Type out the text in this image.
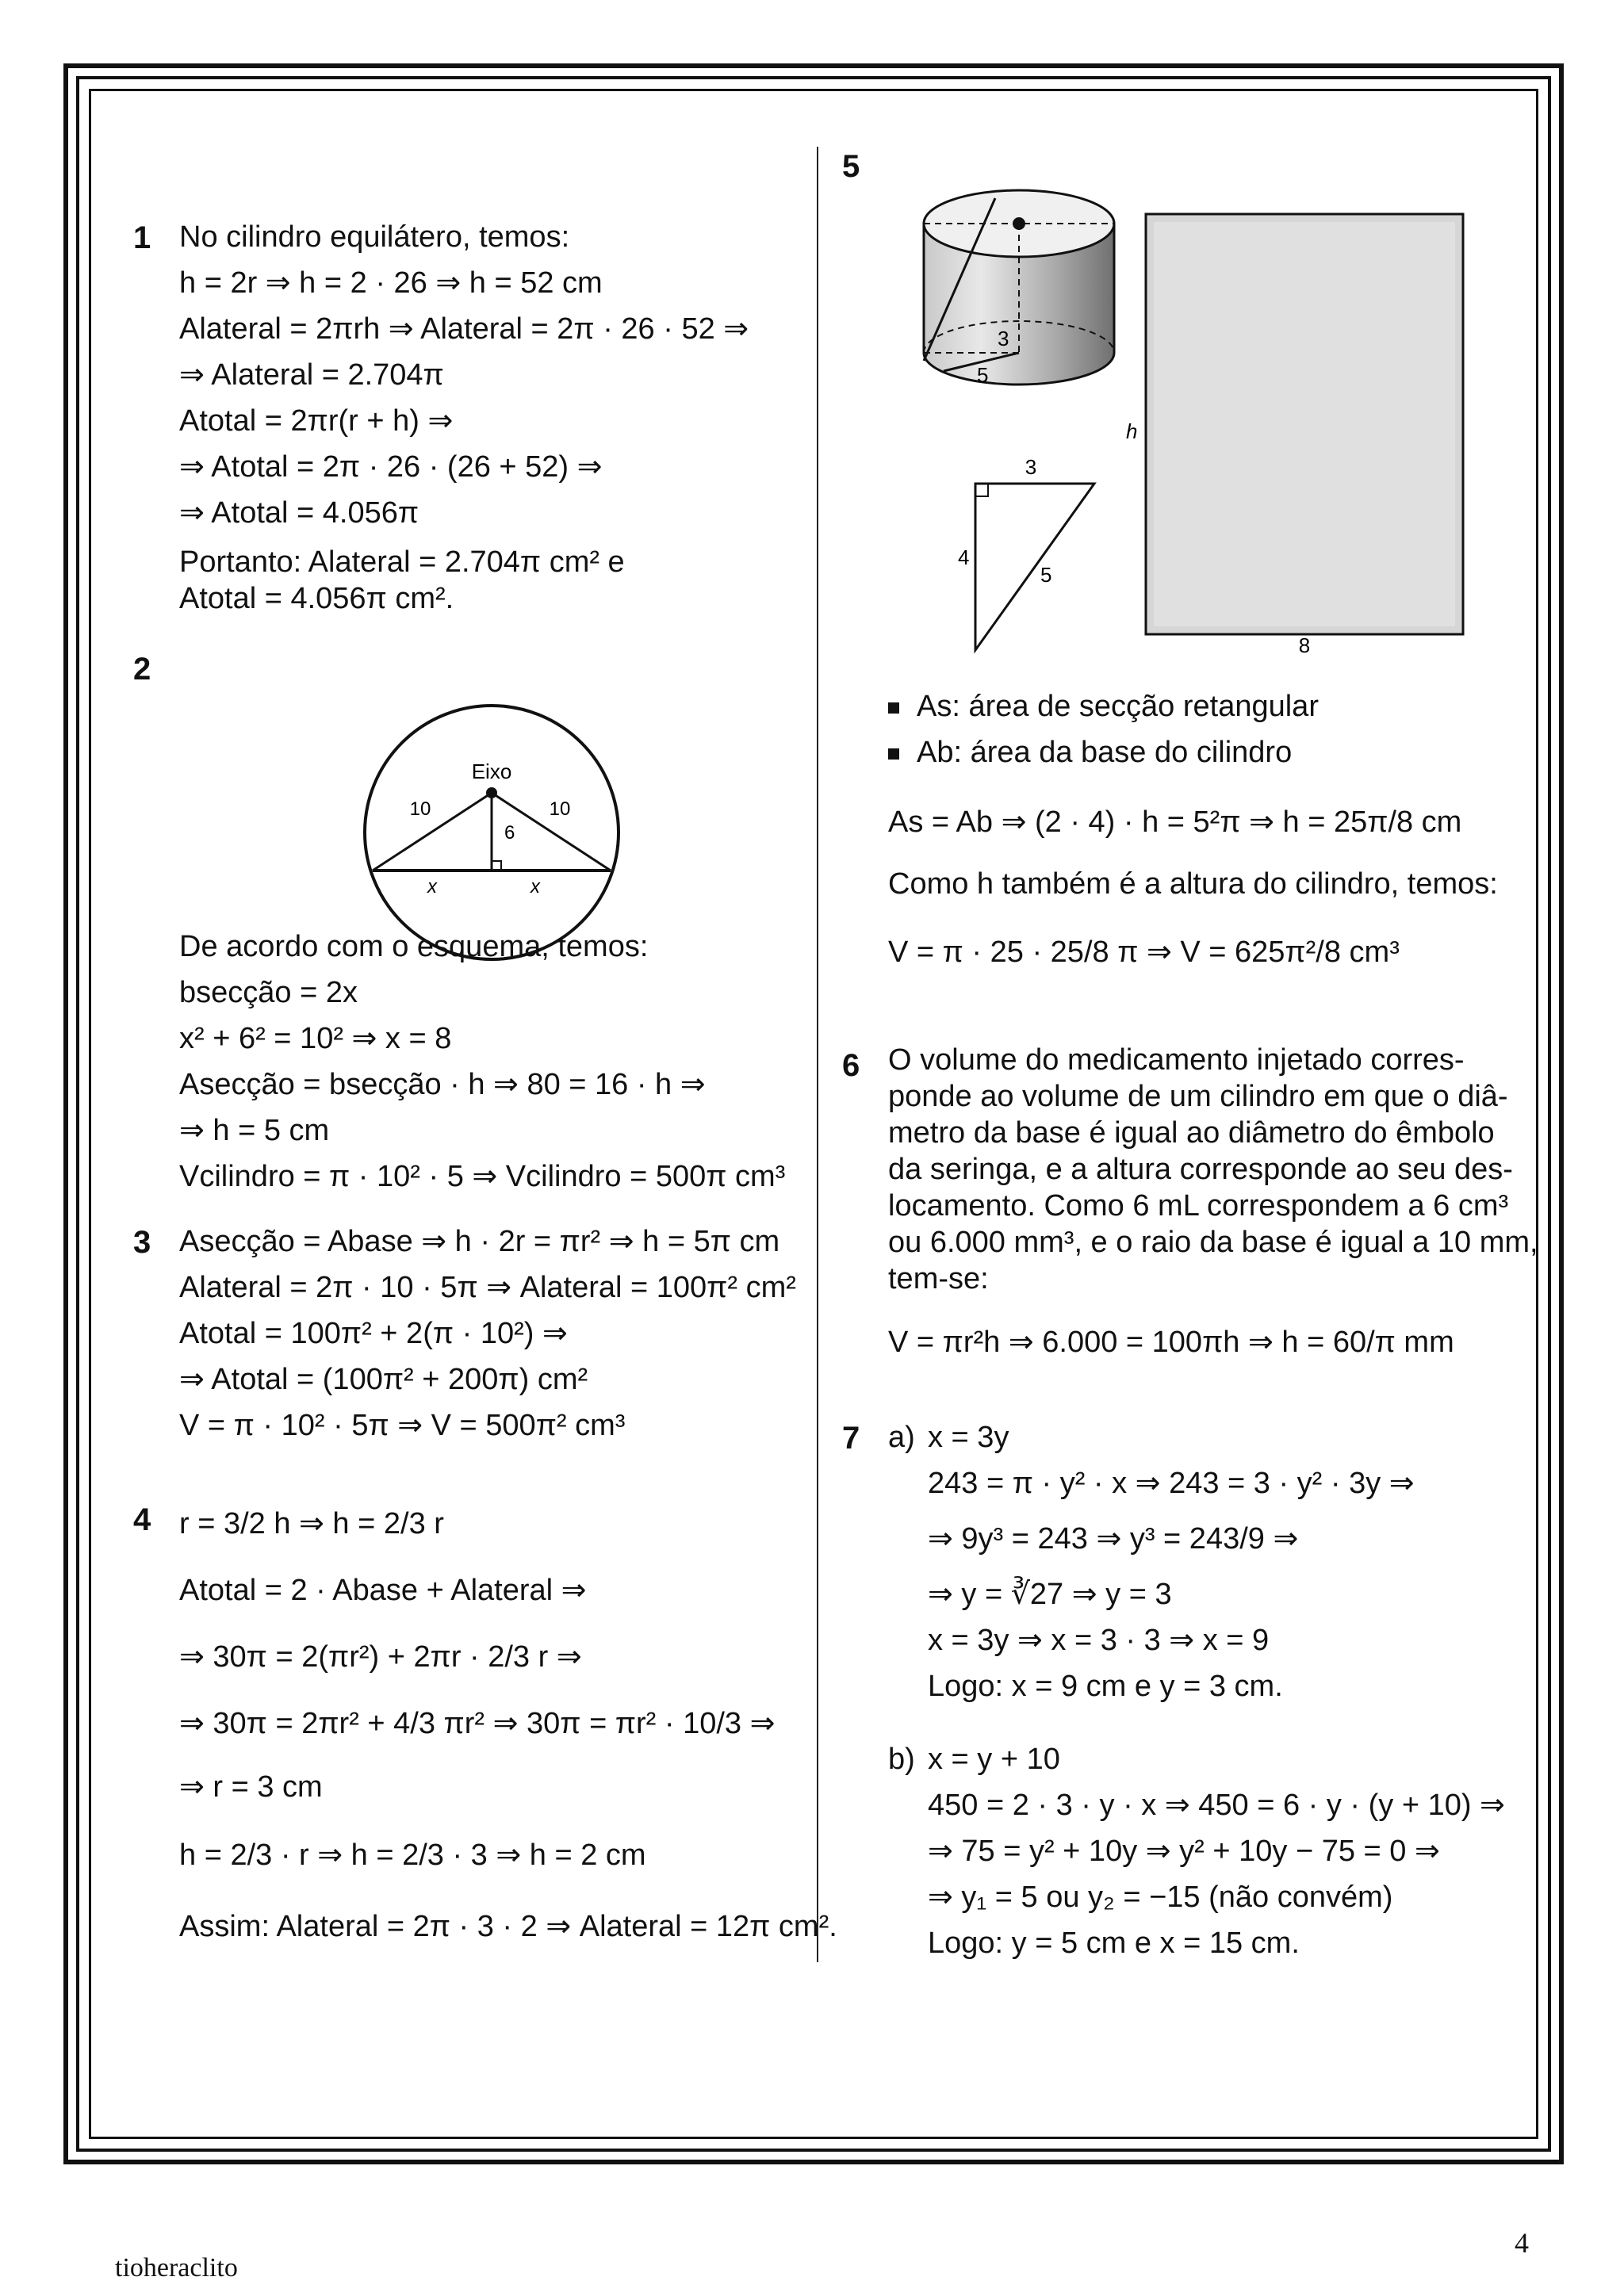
1 No cilindro equilátero, temos:
h = 2r ⇒ h = 2 · 26 ⇒ h = 52 cm
Alateral = 2πrh ⇒ Alateral = 2π · 26 · 52 ⇒
⇒ Alateral = 2.704π
Atotal = 2πr(r + h) ⇒
⇒ Atotal = 2π · 26 · (26 + 52) ⇒
⇒ Atotal = 4.056π
Portanto: Alateral = 2.704π cm² e
Atotal = 4.056π cm².
2
Eixo
10	10
6
x	x
De acordo com o esquema, temos:
bsecção = 2x
x² + 6² = 10² ⇒ x = 8
Asecção = bsecção · h ⇒ 80 = 16 · h ⇒
⇒ h = 5 cm
Vcilindro = π · 10² · 5 ⇒ Vcilindro = 500π cm³
3 Asecção = Abase ⇒ h · 2r = πr² ⇒ h = 5π cm
Alateral = 2π · 10 · 5π ⇒ Alateral = 100π² cm²
Atotal = 100π² + 2(π · 10²) ⇒
⇒ Atotal = (100π² + 200π) cm²
V = π · 10² · 5π ⇒ V = 500π² cm³
4 r = 3/2 h ⇒ h = 2/3 r
Atotal = 2 · Abase + Alateral ⇒
⇒ 30π = 2(πr²) + 2πr · 2/3 r ⇒
⇒ 30π = 2πr² + 4/3 πr² ⇒ 30π = πr² · 10/3 ⇒
⇒ r = 3 cm
h = 2/3 · r ⇒ h = 2/3 · 3 ⇒ h = 2 cm
Assim: Alateral = 2π · 3 · 2 ⇒ Alateral = 12π cm².
5
3
5
3
4
5
h
8
As: área de secção retangular
Ab: área da base do cilindro
As = Ab ⇒ (2 · 4) · h = 5²π ⇒ h = 25π/8 cm
Como h também é a altura do cilindro, temos:
V = π · 25 · 25/8 π ⇒ V = 625π²/8 cm³
6 O volume do medicamento injetado corres-
ponde ao volume de um cilindro em que o diâ-
metro da base é igual ao diâmetro do êmbolo
da seringa, e a altura corresponde ao seu des-
locamento. Como 6 mL correspondem a 6 cm³
ou 6.000 mm³, e o raio da base é igual a 10 mm,
tem-se:
V = πr²h ⇒ 6.000 = 100πh ⇒ h = 60/π mm
7 a) x = 3y
243 = π · y² · x ⇒ 243 = 3 · y² · 3y ⇒
⇒ 9y³ = 243 ⇒ y³ = 243/9 ⇒
⇒ y = ∛27 ⇒ y = 3
x = 3y ⇒ x = 3 · 3 ⇒ x = 9
Logo: x = 9 cm e y = 3 cm.
b) x = y + 10
450 = 2 · 3 · y · x ⇒ 450 = 6 · y · (y + 10) ⇒
⇒ 75 = y² + 10y ⇒ y² + 10y − 75 = 0 ⇒
⇒ y₁ = 5 ou y₂ = −15 (não convém)
Logo: y = 5 cm e x = 15 cm.
tioheraclito
4
